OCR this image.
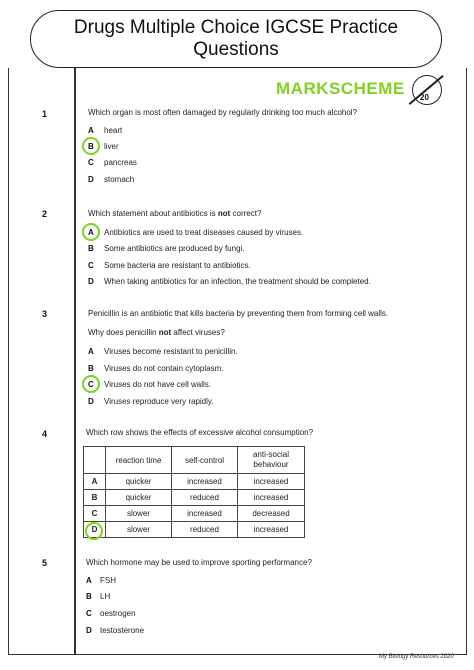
Drugs Multiple Choice IGCSE Practice
Questions
MARKSCHEME 20
1	Which organ is most often damaged by regularly drinking too much alcohol?
A heart
B liver
C pancreas
D stomach
2	Which statement about antibiotics is not correct?
A Antibiotics are used to treat diseases caused by viruses.
B Some antibiotics are produced by fungi.
C Some bacteria are resistant to antibiotics.
D When taking antibiotics for an infection, the treatment should be completed.
3	Penicillin is an antibiotic that kills bacteria by preventing them from forming cell walls.
Why does penicillin not affect viruses?
A Viruses become resistant to penicillin.
B Viruses do not contain cytoplasm.
C Viruses do not have cell walls.
D Viruses reproduce very rapidly.
4	Which row shows the effects of excessive alcohol consumption?
	reaction time	self-control	anti-social
behaviour
A	quicker	increased	increased
B	quicker	reduced	increased
C	slower	increased	decreased
D	slower	reduced	increased
5	Which hormone may be used to improve sporting performance?
A FSH
B LH
C oestrogen
D testosterone
My Biology Resources 2020
